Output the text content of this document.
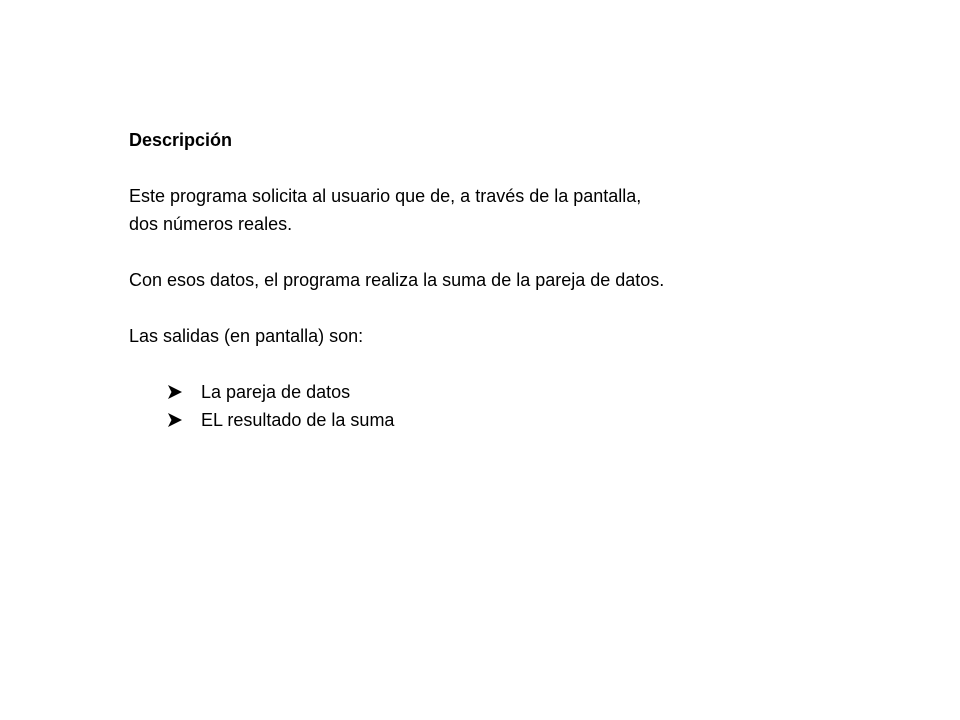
Descripción
Este programa solicita al usuario que de, a través de la pantalla,
dos números reales.
Con esos datos, el programa realiza la suma de la pareja de datos.
Las salidas (en pantalla) son:
La pareja de datos
EL resultado de la suma
